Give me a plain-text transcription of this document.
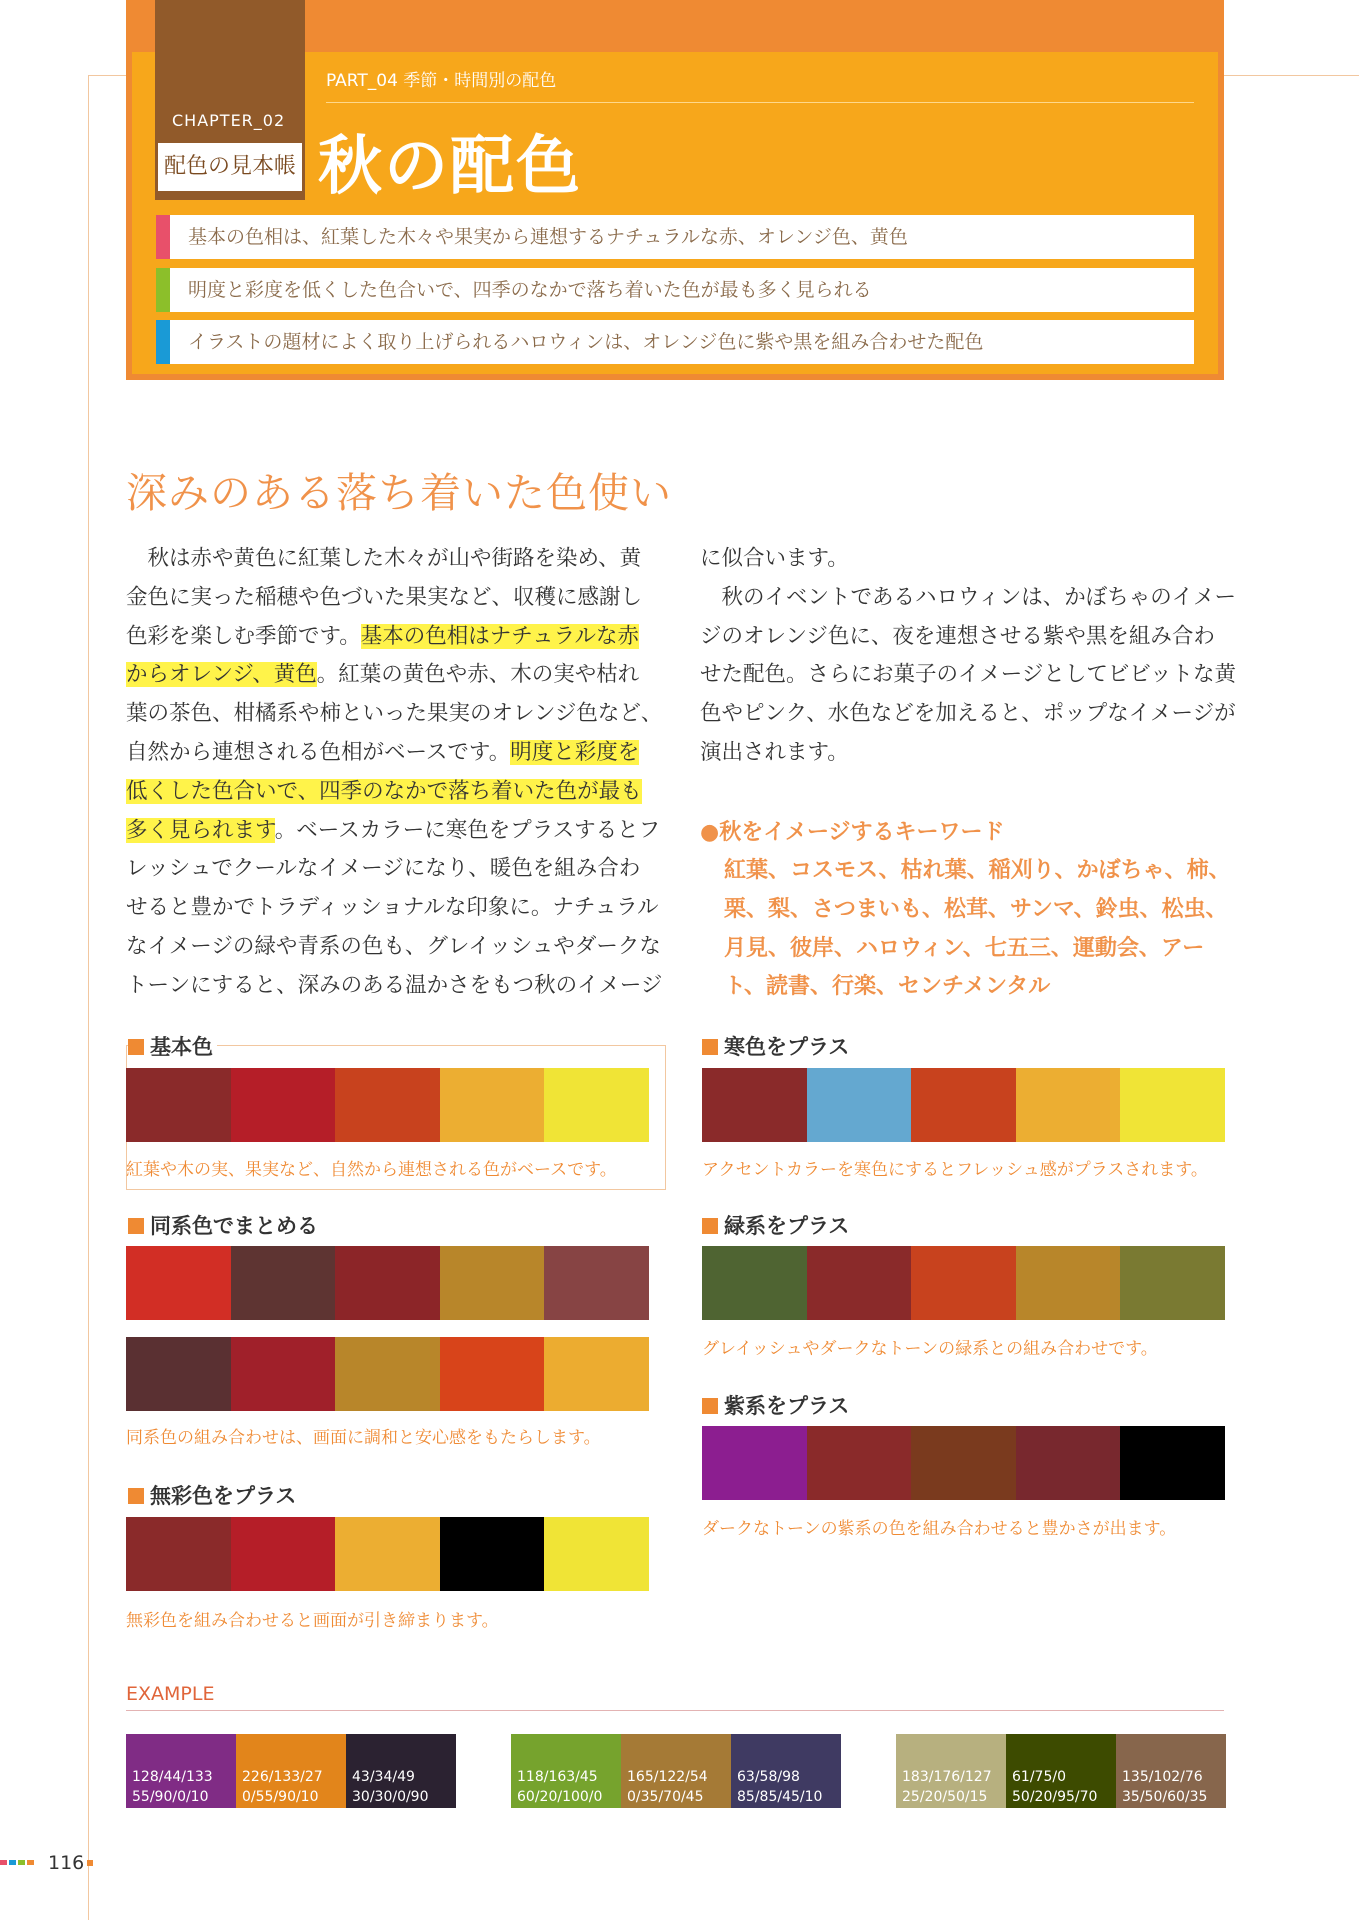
CHAPTER_02
配色の見本帳
PART_04 季節・時間別の配色
秋の配色
基本の色相は、紅葉した木々や果実から連想するナチュラルな赤、オレンジ色、黄色
明度と彩度を低くした色合いで、四季のなかで落ち着いた色が最も多く見られる
イラストの題材によく取り上げられるハロウィンは、オレンジ色に紫や黒を組み合わせた配色
深みのある落ち着いた色使い
　秋は赤や黄色に紅葉した木々が山や街路を染め、黄
金色に実った稲穂や色づいた果実など、収穫に感謝し
色彩を楽しむ季節です。基本の色相はナチュラルな赤
からオレンジ、黄色。紅葉の黄色や赤、木の実や枯れ
葉の茶色、柑橘系や柿といった果実のオレンジ色など、
自然から連想される色相がベースです。明度と彩度を
低くした色合いで、四季のなかで落ち着いた色が最も
多く見られます。ベースカラーに寒色をプラスするとフ
レッシュでクールなイメージになり、暖色を組み合わ
せると豊かでトラディッショナルな印象に。ナチュラル
なイメージの緑や青系の色も、グレイッシュやダークな
トーンにすると、深みのある温かさをもつ秋のイメージ
に似合います。
　秋のイベントであるハロウィンは、かぼちゃのイメー
ジのオレンジ色に、夜を連想させる紫や黒を組み合わ
せた配色。さらにお菓子のイメージとしてビビットな黄
色やピンク、水色などを加えると、ポップなイメージが
演出されます。
●秋をイメージするキーワード
紅葉、コスモス、枯れ葉、稲刈り、かぼちゃ、柿、栗、梨、さつまいも、松茸、サンマ、鈴虫、松虫、月見、彼岸、ハロウィン、七五三、運動会、アート、読書、行楽、センチメンタル
基本色
紅葉や木の実、果実など、自然から連想される色がベースです。
寒色をプラス
アクセントカラーを寒色にするとフレッシュ感がプラスされます。
同系色でまとめる
同系色の組み合わせは、画面に調和と安心感をもたらします。
緑系をプラス
グレイッシュやダークなトーンの緑系との組み合わせです。
紫系をプラス
ダークなトーンの紫系の色を組み合わせると豊かさが出ます。
無彩色をプラス
無彩色を組み合わせると画面が引き締まります。
EXAMPLE
128/44/133
55/90/0/10
226/133/27
0/55/90/10
43/34/49
30/30/0/90
118/163/45
60/20/100/0
165/122/54
0/35/70/45
63/58/98
85/85/45/10
183/176/127
25/20/50/15
61/75/0
50/20/95/70
135/102/76
35/50/60/35
116
